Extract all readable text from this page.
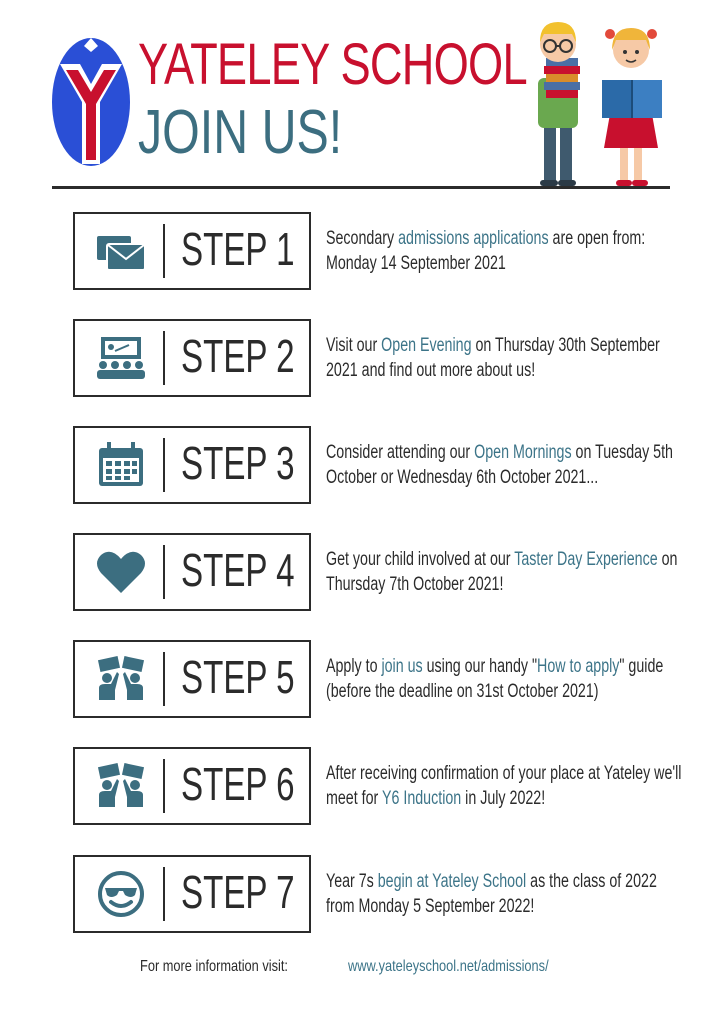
YATELEY SCHOOL
JOIN US!
STEP 1 Secondary admissions applications are open from: Monday 14 September 2021
STEP 2 Visit our Open Evening on Thursday 30th September 2021 and find out more about us!
STEP 3 Consider attending our Open Mornings on Tuesday 5th October or Wednesday 6th October 2021...
STEP 4 Get your child involved at our Taster Day Experience on Thursday 7th October 2021!
STEP 5 Apply to join us using our handy "How to apply" guide (before the deadline on 31st October 2021)
STEP 6 After receiving confirmation of your place at Yateley we'll meet for Y6 Induction in July 2022!
STEP 7 Year 7s begin at Yateley School as the class of 2022 from Monday 5 September 2022!
For more information visit:	www.yateleyschool.net/admissions/
